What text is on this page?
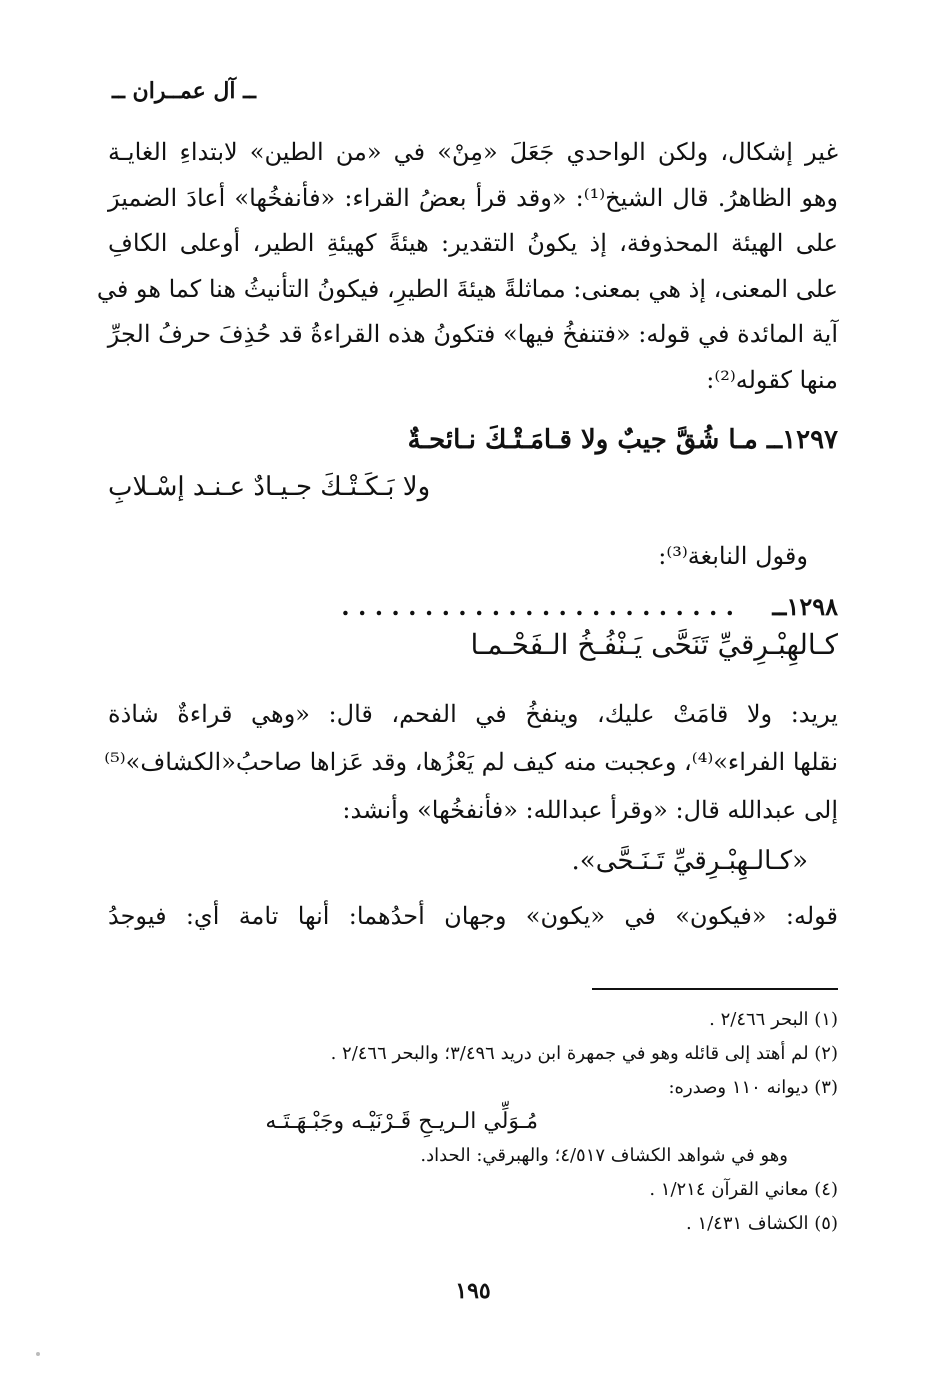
ــ آل عمــران ــ
غير إشكال، ولكن الواحدي جَعَلَ «مِنْ» في «من الطين» لابتداءِ الغايـة
وهو الظاهرُ. قال الشيخ⁽¹⁾: «وقد قرأ بعضُ القراء: «فأنفخُها» أعادَ الضميرَ
على الهيئة المحذوفة، إذ يكونُ التقدير: هيئةً كهيئةِ الطير، أوعلى الكافِ
على المعنى، إذ هي بمعنى: مماثلةً هيئةَ الطيرِ، فيكونُ التأنيثُ هنا كما هو في
آية المائدة في قوله: «فتنفخُ فيها» فتكونُ هذه القراءةُ قد حُذِفَ حرفُ الجرِّ
منها كقوله⁽²⁾:
١٢٩٧ــ مـا شُقَّ جيبٌ ولا قـامَـتْـكَ نـائحـةٌ
ولا بَـكَـتْـكَ جـيـادٌ عـنـد إسْـلابِ
وقول النابغة⁽³⁾:
١٢٩٨ــ . . . . . . . . . . . . . . . . . . . . . . . .
كـالهِبْـرِقيِّ تَنَحَّى يَـنْفُـخُ الـفَحْـمـا
يريد: ولا قامَتْ عليك، وينفخُ في الفحم، قال: «وهي قراءةٌ شاذة
نقلها الفراء»⁽⁴⁾، وعجبت منه كيف لم يَعْزُها، وقد عَزاها صاحبُ«الكشاف»⁽⁵⁾
إلى عبدالله قال: «وقرأ عبدالله: «فأنفخُها» وأنشد:
«كـالـهِبْـرِقيِّ تَـنَـحَّى».
قوله: «فيكون» في «يكون» وجهان أحدُهما: أنها تامة أي: فيوجدُ
(١) البحر ٢/٤٦٦ .
(٢) لم أهتد إلى قائله وهو في جمهرة ابن دريد ٣/٤٩٦؛ والبحر ٢/٤٦٦ .
(٣) ديوانه ١١٠ وصدره:
مُـوَلِّي الـريـحِ قَـرْنَيْـه وجَبْـهَـتَـه
وهو في شواهد الكشاف ٤/٥١٧؛ والهبرقي: الحداد.
(٤) معاني القرآن ١/٢١٤ .
(٥) الكشاف ١/٤٣١ .
١٩٥
